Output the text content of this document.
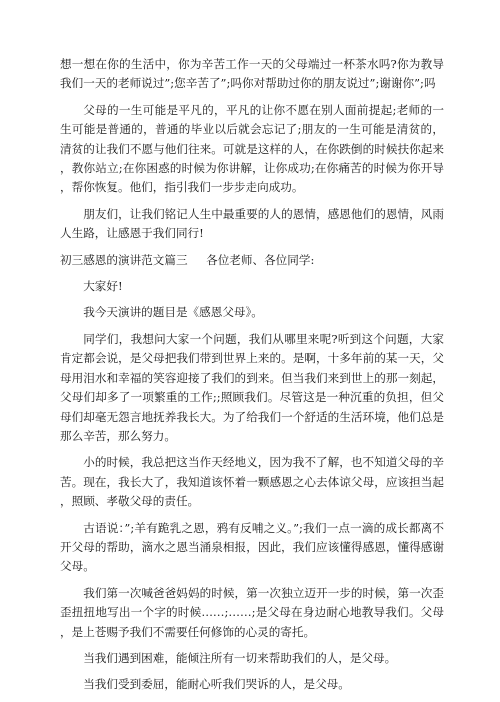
想一想在你的生活中，你为辛苦工作一天的父母端过一杯茶水吗?你为教导我们一天的老师说过”;您辛苦了”;吗你对帮助过你的朋友说过”;谢谢你”;吗

父母的一生可能是平凡的，平凡的让你不愿在别人面前提起;老师的一生可能是普通的，普通的毕业以后就会忘记了;朋友的一生可能是清贫的，清贫的让我们不愿与他们往来。可就是这样的人，在你跌倒的时候扶你起来，教你站立;在你困惑的时候为你讲解，让你成功;在你痛苦的时候为你开导，帮你恢复。他们，指引我们一步步走向成功。

朋友们，让我们铭记人生中最重要的人的恩情，感恩他们的恩情，风雨人生路，让感恩于我们同行!

初三感恩的演讲范文篇三 各位老师、各位同学:

大家好!

我今天演讲的题目是《感恩父母》。

同学们，我想问大家一个问题，我们从哪里来呢?听到这个问题，大家肯定都会说，是父母把我们带到世界上来的。是啊，十多年前的某一天，父母用泪水和幸福的笑容迎接了我们的到来。但当我们来到世上的那一刻起，父母们却多了一项繁重的工作;;照顾我们。尽管这是一种沉重的负担，但父母们却毫无怨言地抚养我长大。为了给我们一个舒适的生活环境，他们总是那么辛苦，那么努力。

小的时候，我总把这当作天经地义，因为我不了解，也不知道父母的辛苦。现在，我长大了，我知道该怀着一颗感恩之心去体谅父母，应该担当起，照顾、孝敬父母的责任。

古语说：”;羊有跪乳之恩，鸦有反哺之义。”;我们一点一滴的成长都离不开父母的帮助，滴水之恩当涌泉相报，因此，我们应该懂得感恩，懂得感谢父母。

我们第一次喊爸爸妈妈的时候，第一次独立迈开一步的时候，第一次歪歪扭扭地写出一个字的时候……;……;是父母在身边耐心地教导我们。父母，是上苍赐予我们不需要任何修饰的心灵的寄托。

当我们遇到困难，能倾注所有一切来帮助我们的人，是父母。

当我们受到委屈，能耐心听我们哭诉的人，是父母。
